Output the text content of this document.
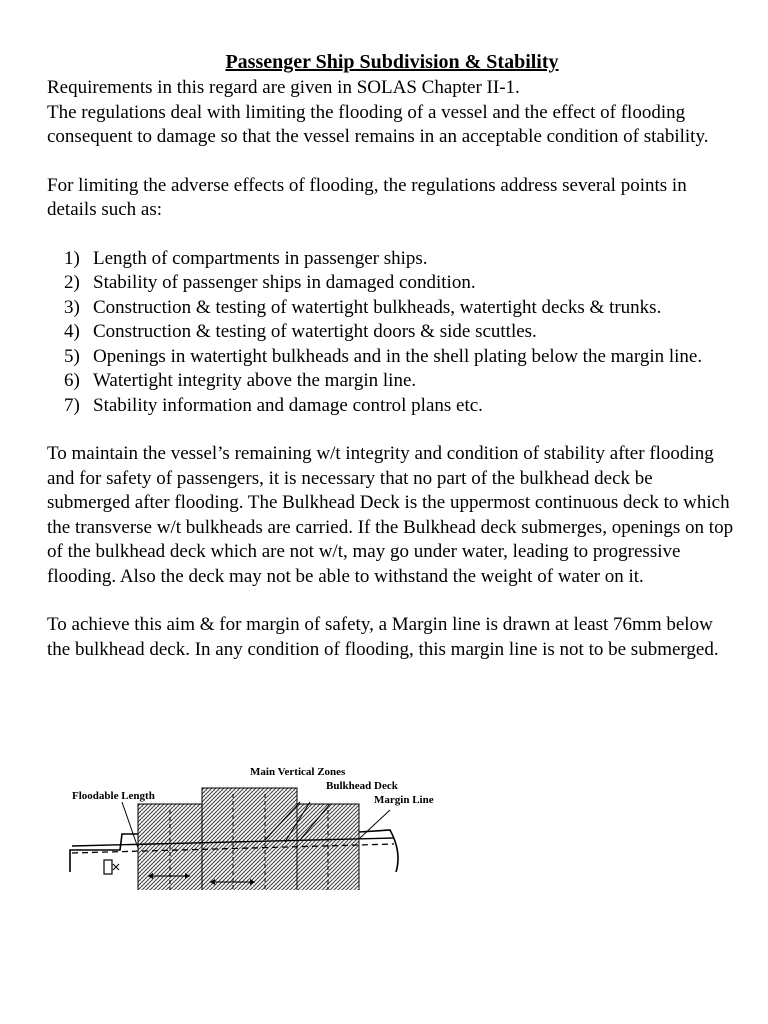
Passenger Ship Subdivision & Stability

Requirements in this regard are given in SOLAS Chapter II-1.

The regulations deal with limiting the flooding of a vessel and the effect of flooding consequent to damage so that the vessel remains in an acceptable condition of stability.

For limiting the adverse effects of flooding, the regulations address several points in details such as:

1) Length of compartments in passenger ships.
2) Stability of passenger ships in damaged condition.
3) Construction & testing of watertight bulkheads, watertight decks & trunks.
4) Construction & testing of watertight doors & side scuttles.
5) Openings in watertight bulkheads and in the shell plating below the margin line.
6) Watertight integrity above the margin line.
7) Stability information and damage control plans etc.

To maintain the vessel’s remaining w/t integrity and condition of stability after flooding and for safety of passengers, it is necessary that no part of the bulkhead deck be submerged after flooding. The Bulkhead Deck is the uppermost continuous deck to which the transverse w/t bulkheads are carried. If the Bulkhead deck submerges, openings on top of the bulkhead deck which are not w/t, may go under water, leading to progressive flooding. Also the deck may not be able to withstand the weight of water on it.

To achieve this aim & for margin of safety, a Margin line is drawn at least 76mm below the bulkhead deck. In any condition of flooding, this margin line is not to be submerged.

Main Vertical Zones
Floodable Length
Bulkhead Deck
Margin Line
